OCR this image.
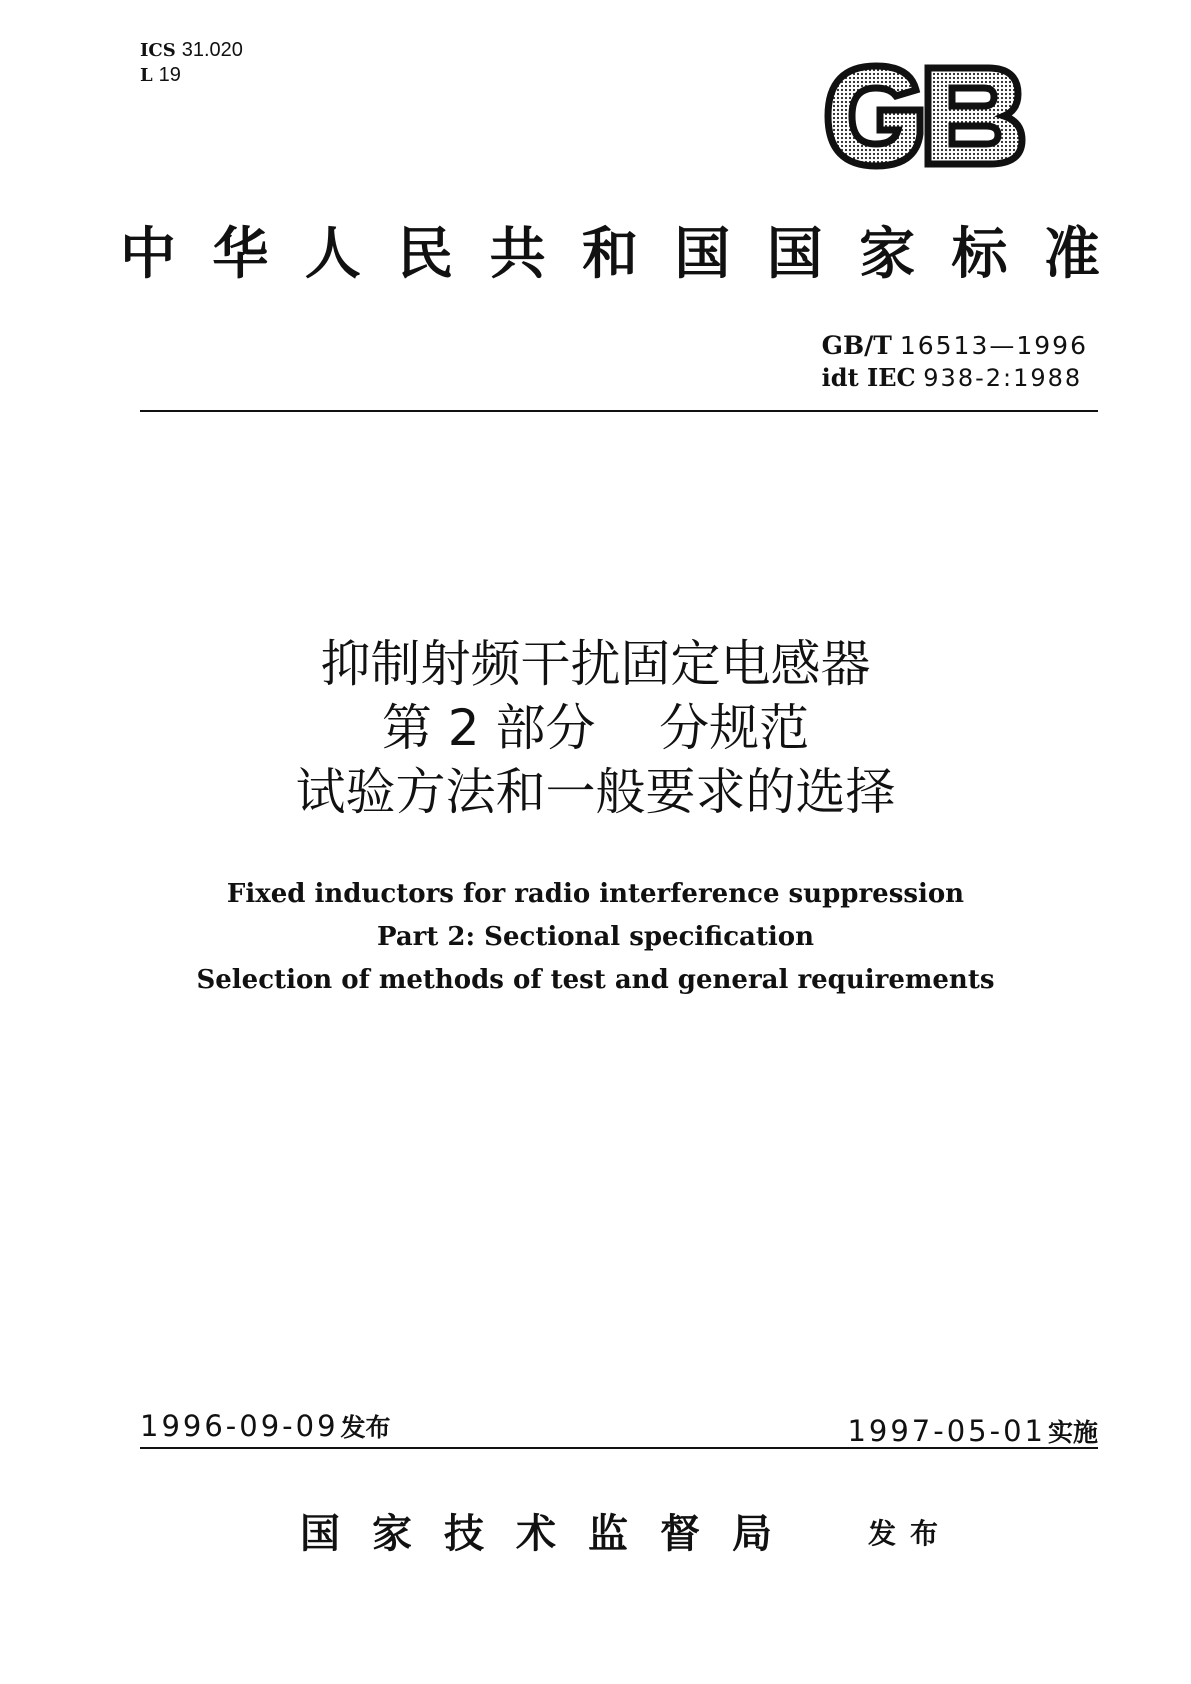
ICS 31.020
L 19
中 华 人 民 共 和 国 国 家 标 准
GB/T 16513—1996
idt IEC 938-2:1988
抑制射频干扰固定电感器
第 2 部分    分规范
试验方法和一般要求的选择
Fixed inductors for radio interference suppression
Part 2: Sectional specification
Selection of methods of test and general requirements
1996-09-09发布	1997-05-01实施
国家技术监督局 发布
